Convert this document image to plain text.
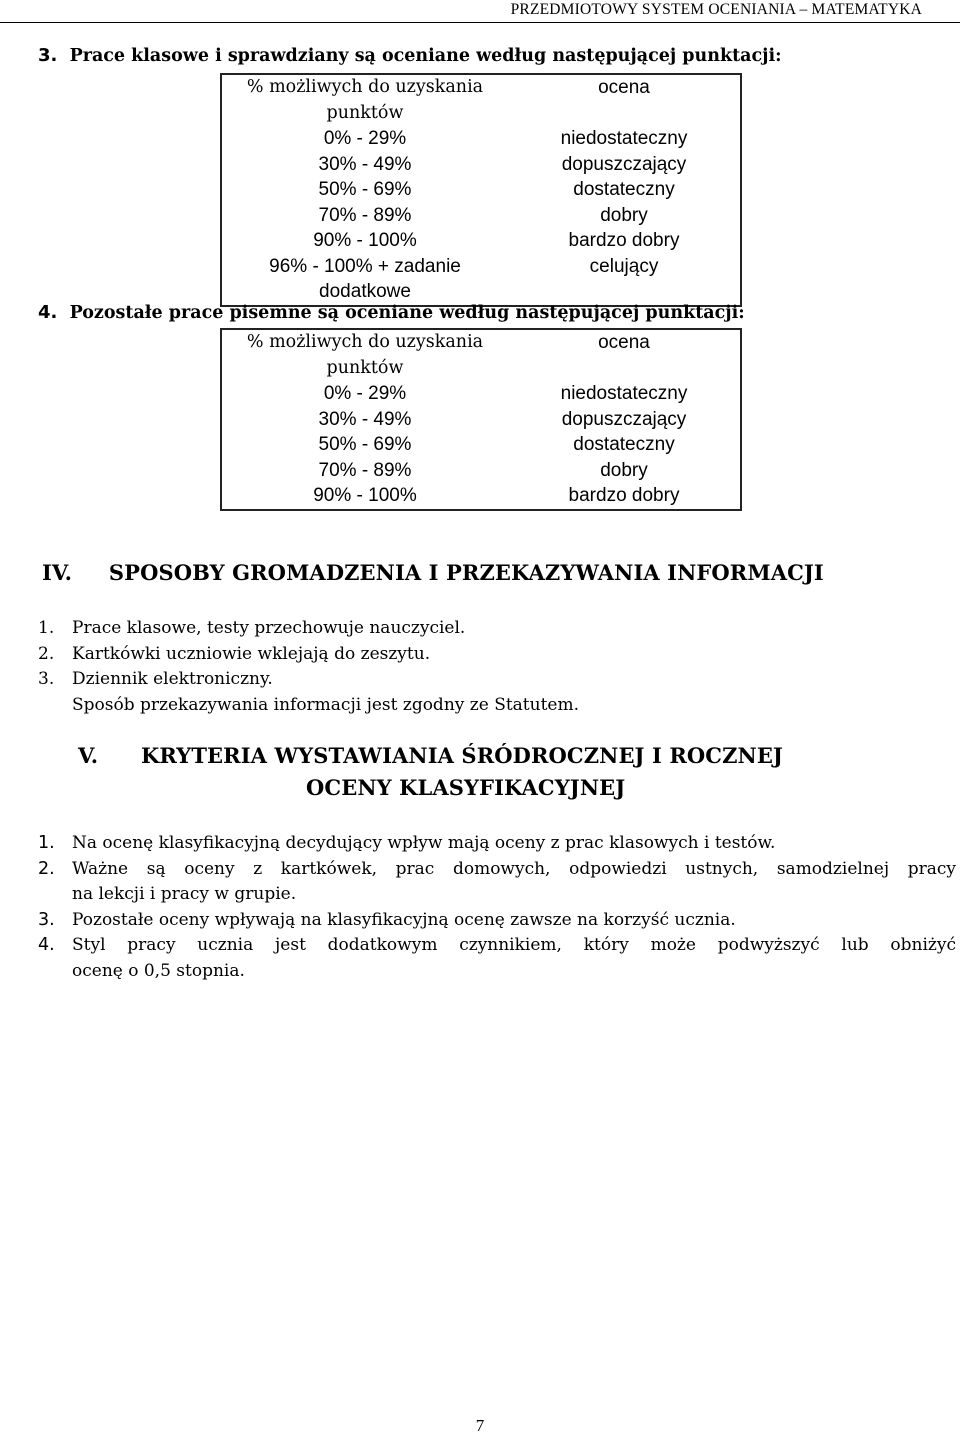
PRZEDMIOTOWY SYSTEM OCENIANIA – MATEMATYKA
3. Prace klasowe i sprawdziany są oceniane według następującej punktacji:
% możliwych do uzyskania
punktów	ocena
0% - 29%	niedostateczny
30% - 49%	dopuszczający
50% - 69%	dostateczny
70% - 89%	dobry
90% - 100%	bardzo dobry

96% - 100% + zadanie
dodatkowe	celujący
4. Pozostałe prace pisemne są oceniane według następującej punktacji:
% możliwych do uzyskania
punktów	ocena
0% - 29%	niedostateczny
30% - 49%	dopuszczający
50% - 69%	dostateczny
70% - 89%	dobry
90% - 100%	bardzo dobry
IV. SPOSOBY GROMADZENIA I PRZEKAZYWANIA INFORMACJI
1. Prace klasowe, testy przechowuje nauczyciel.
2. Kartkówki uczniowie wklejają do zeszytu.
3. Dziennik elektroniczny.
Sposób przekazywania informacji jest zgodny ze Statutem.
V. KRYTERIA WYSTAWIANIA ŚRÓDROCZNEJ I ROCZNEJ
OCENY KLASYFIKACYJNEJ
1. Na ocenę klasyfikacyjną decydujący wpływ mają oceny z prac klasowych i testów.
2. Ważne są oceny z kartkówek, prac domowych, odpowiedzi ustnych, samodzielnej pracy
na lekcji i pracy w grupie.
3. Pozostałe oceny wpływają na klasyfikacyjną ocenę zawsze na korzyść ucznia.
4. Styl pracy ucznia jest dodatkowym czynnikiem, który może podwyższyć lub obniżyć
ocenę o 0,5 stopnia.
7
